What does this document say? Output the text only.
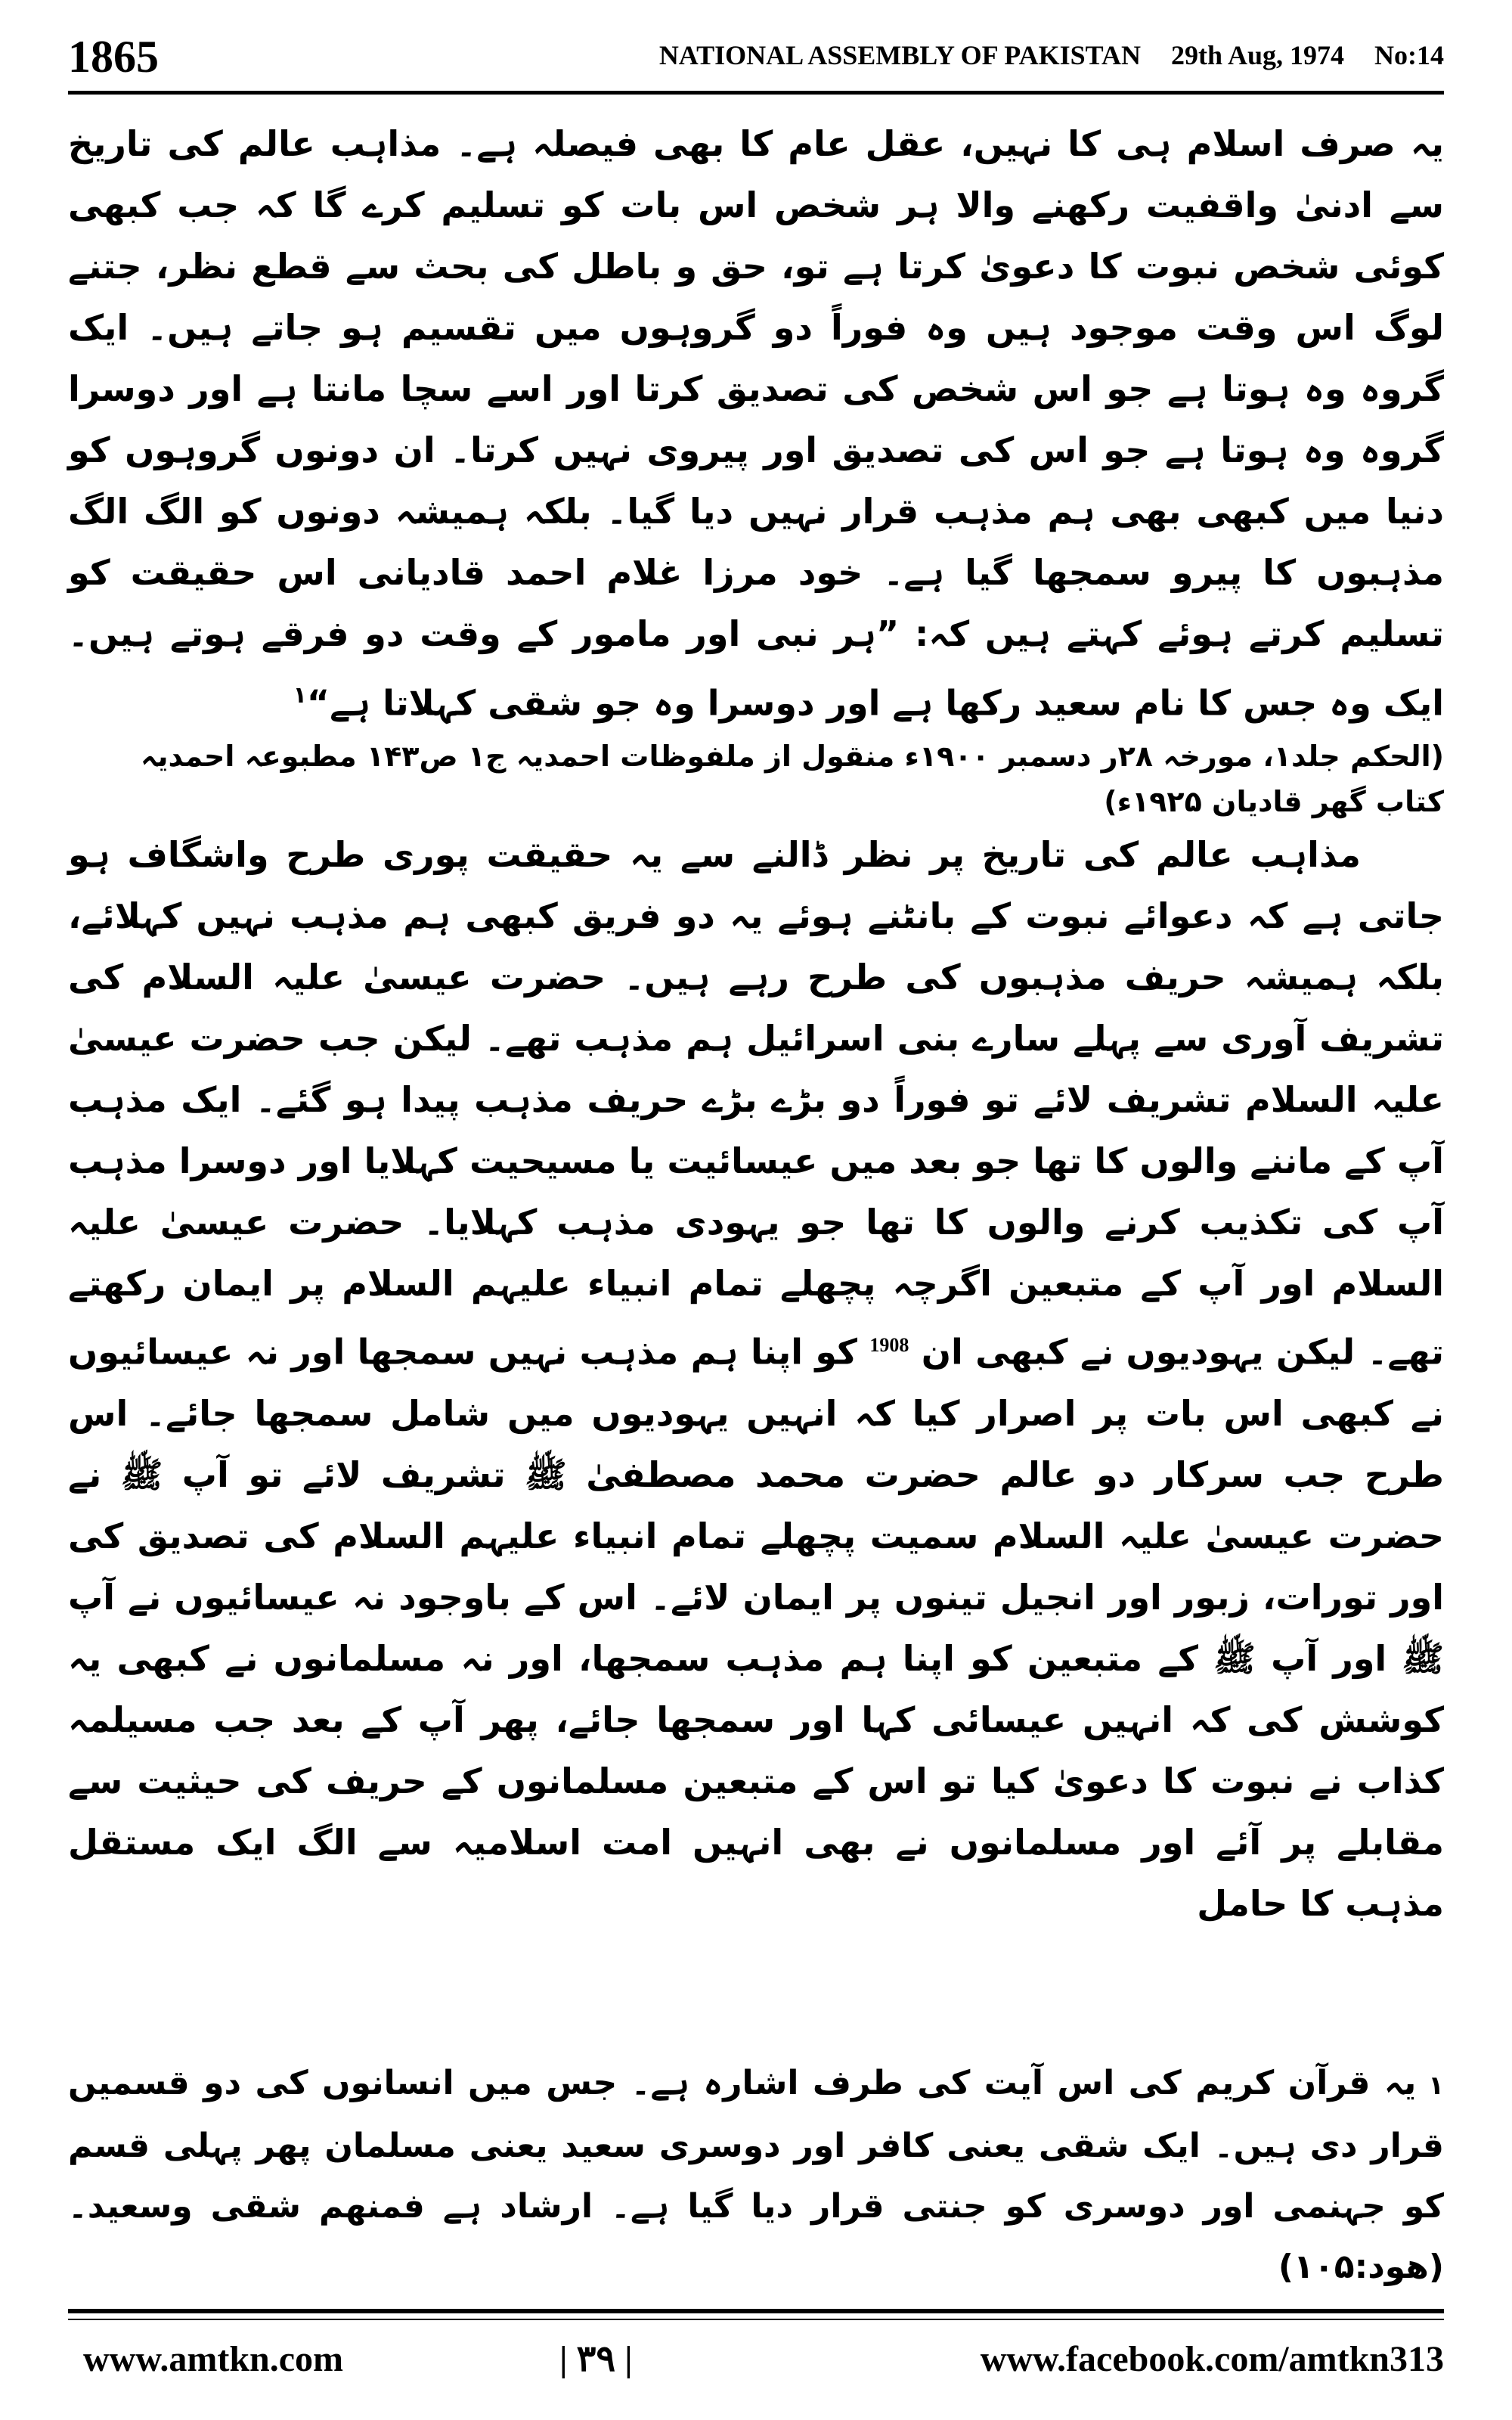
1865	NATIONAL ASSEMBLY OF PAKISTAN 29th Aug, 1974 No:14

یہ صرف اسلام ہی کا نہیں، عقل عام کا بھی فیصلہ ہے۔ مذاہب عالم کی تاریخ سے ادنیٰ واقفیت رکھنے والا ہر شخص اس بات کو تسلیم کرے گا کہ جب کبھی کوئی شخص نبوت کا دعویٰ کرتا ہے تو، حق و باطل کی بحث سے قطع نظر، جتنے لوگ اس وقت موجود ہیں وہ فوراً دو گروہوں میں تقسیم ہو جاتے ہیں۔ ایک گروہ وہ ہوتا ہے جو اس شخص کی تصدیق کرتا اور اسے سچا مانتا ہے اور دوسرا گروہ وہ ہوتا ہے جو اس کی تصدیق اور پیروی نہیں کرتا۔ ان دونوں گروہوں کو دنیا میں کبھی بھی ہم مذہب قرار نہیں دیا گیا۔ بلکہ ہمیشہ دونوں کو الگ الگ مذہبوں کا پیرو سمجھا گیا ہے۔ خود مرزا غلام احمد قادیانی اس حقیقت کو تسلیم کرتے ہوئے کہتے ہیں کہ: ”ہر نبی اور مامور کے وقت دو فرقے ہوتے ہیں۔ ایک وہ جس کا نام سعید رکھا ہے اور دوسرا وہ جو شقی کہلاتا ہے“$^۱$

(الحکم جلد۱، مورخہ ۲۸ر دسمبر ۱۹۰۰ء منقول از ملفوظات احمدیہ ج۱ ص۱۴۳ مطبوعہ احمدیہ کتاب گھر قادیان ۱۹۲۵ء)

مذاہب عالم کی تاریخ پر نظر ڈالنے سے یہ حقیقت پوری طرح واشگاف ہو جاتی ہے کہ دعوائے نبوت کے بانٹنے ہوئے یہ دو فریق کبھی ہم مذہب نہیں کہلائے، بلکہ ہمیشہ حریف مذہبوں کی طرح رہے ہیں۔ حضرت عیسیٰ علیہ السلام کی تشریف آوری سے پہلے سارے بنی اسرائیل ہم مذہب تھے۔ لیکن جب حضرت عیسیٰ علیہ السلام تشریف لائے تو فوراً دو بڑے بڑے حریف مذہب پیدا ہو گئے۔ ایک مذہب آپ کے ماننے والوں کا تھا جو بعد میں عیسائیت یا مسیحیت کہلایا اور دوسرا مذہب آپ کی تکذیب کرنے والوں کا تھا جو یہودی مذہب کہلایا۔ حضرت عیسیٰ علیہ السلام اور آپ کے متبعین اگرچہ پچھلے تمام انبیاء علیہم السلام پر ایمان رکھتے تھے۔ لیکن یہودیوں نے کبھی ان $^{1908}$ کو اپنا ہم مذہب نہیں سمجھا اور نہ عیسائیوں نے کبھی اس بات پر اصرار کیا کہ انہیں یہودیوں میں شامل سمجھا جائے۔ اس طرح جب سرکار دو عالم حضرت محمد مصطفیٰ ﷺ تشریف لائے تو آپ ﷺ نے حضرت عیسیٰ علیہ السلام سمیت پچھلے تمام انبیاء علیہم السلام کی تصدیق کی اور تورات، زبور اور انجیل تینوں پر ایمان لائے۔ اس کے باوجود نہ عیسائیوں نے آپ ﷺ اور آپ ﷺ کے متبعین کو اپنا ہم مذہب سمجھا، اور نہ مسلمانوں نے کبھی یہ کوشش کی کہ انہیں عیسائی کہا اور سمجھا جائے، پھر آپ کے بعد جب مسیلمہ کذاب نے نبوت کا دعویٰ کیا تو اس کے متبعین مسلمانوں کے حریف کی حیثیت سے مقابلے پر آئے اور مسلمانوں نے بھی انہیں امت اسلامیہ سے الگ ایک مستقل مذہب کا حامل

۱یہ قرآن کریم کی اس آیت کی طرف اشارہ ہے۔ جس میں انسانوں کی دو قسمیں قرار دی ہیں۔ ایک شقی یعنی کافر اور دوسری سعید یعنی مسلمان پھر پہلی قسم کو جہنمی اور دوسری کو جنتی قرار دیا گیا ہے۔ ارشاد ہے فمنهم شقی وسعید۔ (هود:۱۰۵)

www.amtkn.com	| ۳۹ |	www.facebook.com/amtkn313
